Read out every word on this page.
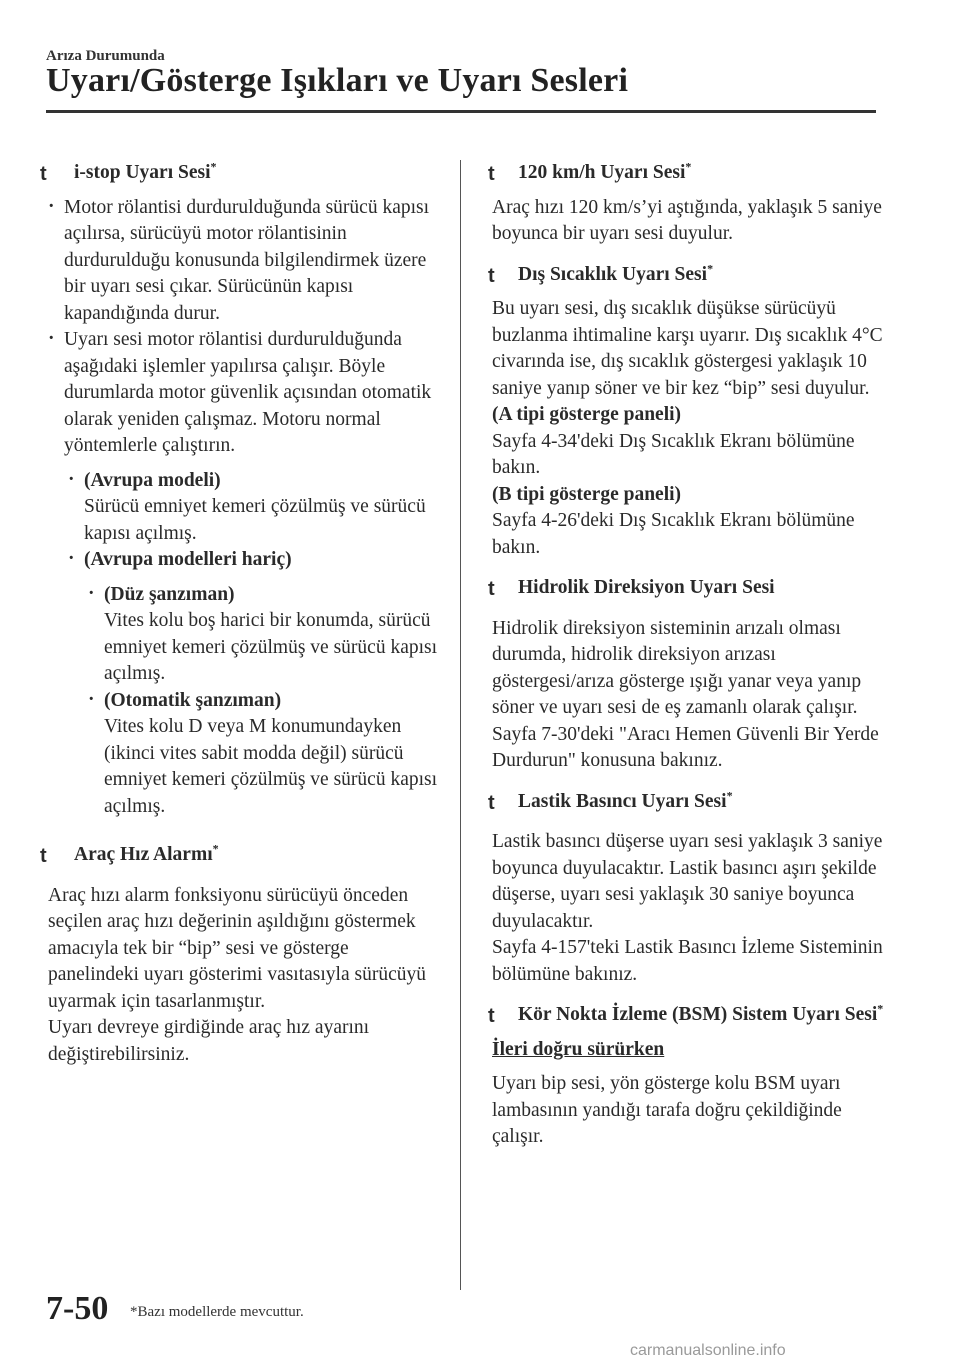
Arıza Durumunda
Uyarı/Gösterge Işıkları ve Uyarı Sesleri
t i-stop Uyarı Sesi*
· Motor rölantisi durdurulduğunda sürücü kapısı açılırsa, sürücüyü motor rölantisinin durdurulduğu konusunda bilgilendirmek üzere bir uyarı sesi çıkar. Sürücünün kapısı kapandığında durur.
· Uyarı sesi motor rölantisi durdurulduğunda aşağıdaki işlemler yapılırsa çalışır. Böyle durumlarda motor güvenlik açısından otomatik olarak yeniden çalışmaz. Motoru normal yöntemlerle çalıştırın.
· (Avrupa modeli)
Sürücü emniyet kemeri çözülmüş ve sürücü kapısı açılmış.
· (Avrupa modelleri hariç)
· (Düz şanzıman)
Vites kolu boş harici bir konumda, sürücü emniyet kemeri çözülmüş ve sürücü kapısı açılmış.
· (Otomatik şanzıman)
Vites kolu D veya M konumundayken (ikinci vites sabit modda değil) sürücü emniyet kemeri çözülmüş ve sürücü kapısı açılmış.
t Araç Hız Alarmı*

Araç hızı alarm fonksiyonu sürücüyü önceden seçilen araç hızı değerinin aşıldığını göstermek amacıyla tek bir “bip” sesi ve gösterge panelindeki uyarı gösterimi vasıtasıyla sürücüyü uyarmak için tasarlanmıştır.

Uyarı devreye girdiğinde araç hız ayarını değiştirebilirsiniz.

t 120 km/h Uyarı Sesi*

Araç hızı 120 km/s’yi aştığında, yaklaşık 5 saniye boyunca bir uyarı sesi duyulur.

t Dış Sıcaklık Uyarı Sesi*

Bu uyarı sesi, dış sıcaklık düşükse sürücüyü buzlanma ihtimaline karşı uyarır. Dış sıcaklık 4°C civarında ise, dış sıcaklık göstergesi yaklaşık 10 saniye yanıp söner ve bir kez “bip” sesi duyulur.

(A tipi gösterge paneli)

Sayfa 4-34'deki Dış Sıcaklık Ekranı bölümüne bakın.

(B tipi gösterge paneli)

Sayfa 4-26'deki Dış Sıcaklık Ekranı bölümüne bakın.

t Hidrolik Direksiyon Uyarı Sesi

Hidrolik direksiyon sisteminin arızalı olması durumda, hidrolik direksiyon arızası göstergesi/arıza gösterge ışığı yanar veya yanıp söner ve uyarı sesi de eş zamanlı olarak çalışır.

Sayfa 7-30'deki "Aracı Hemen Güvenli Bir Yerde Durdurun" konusuna bakınız.

t Lastik Basıncı Uyarı Sesi*

Lastik basıncı düşerse uyarı sesi yaklaşık 3 saniye boyunca duyulacaktır. Lastik basıncı aşırı şekilde düşerse, uyarı sesi yaklaşık 30 saniye boyunca duyulacaktır.

Sayfa 4-157'teki Lastik Basıncı İzleme Sisteminin bölümüne bakınız.

t Kör Nokta İzleme (BSM) Sistem Uyarı Sesi*

İleri doğru sürürken

Uyarı bip sesi, yön gösterge kolu BSM uyarı lambasının yandığı tarafa doğru çekildiğinde çalışır.

7-50 *Bazı modellerde mevcuttur.
carmanualsonline.info
